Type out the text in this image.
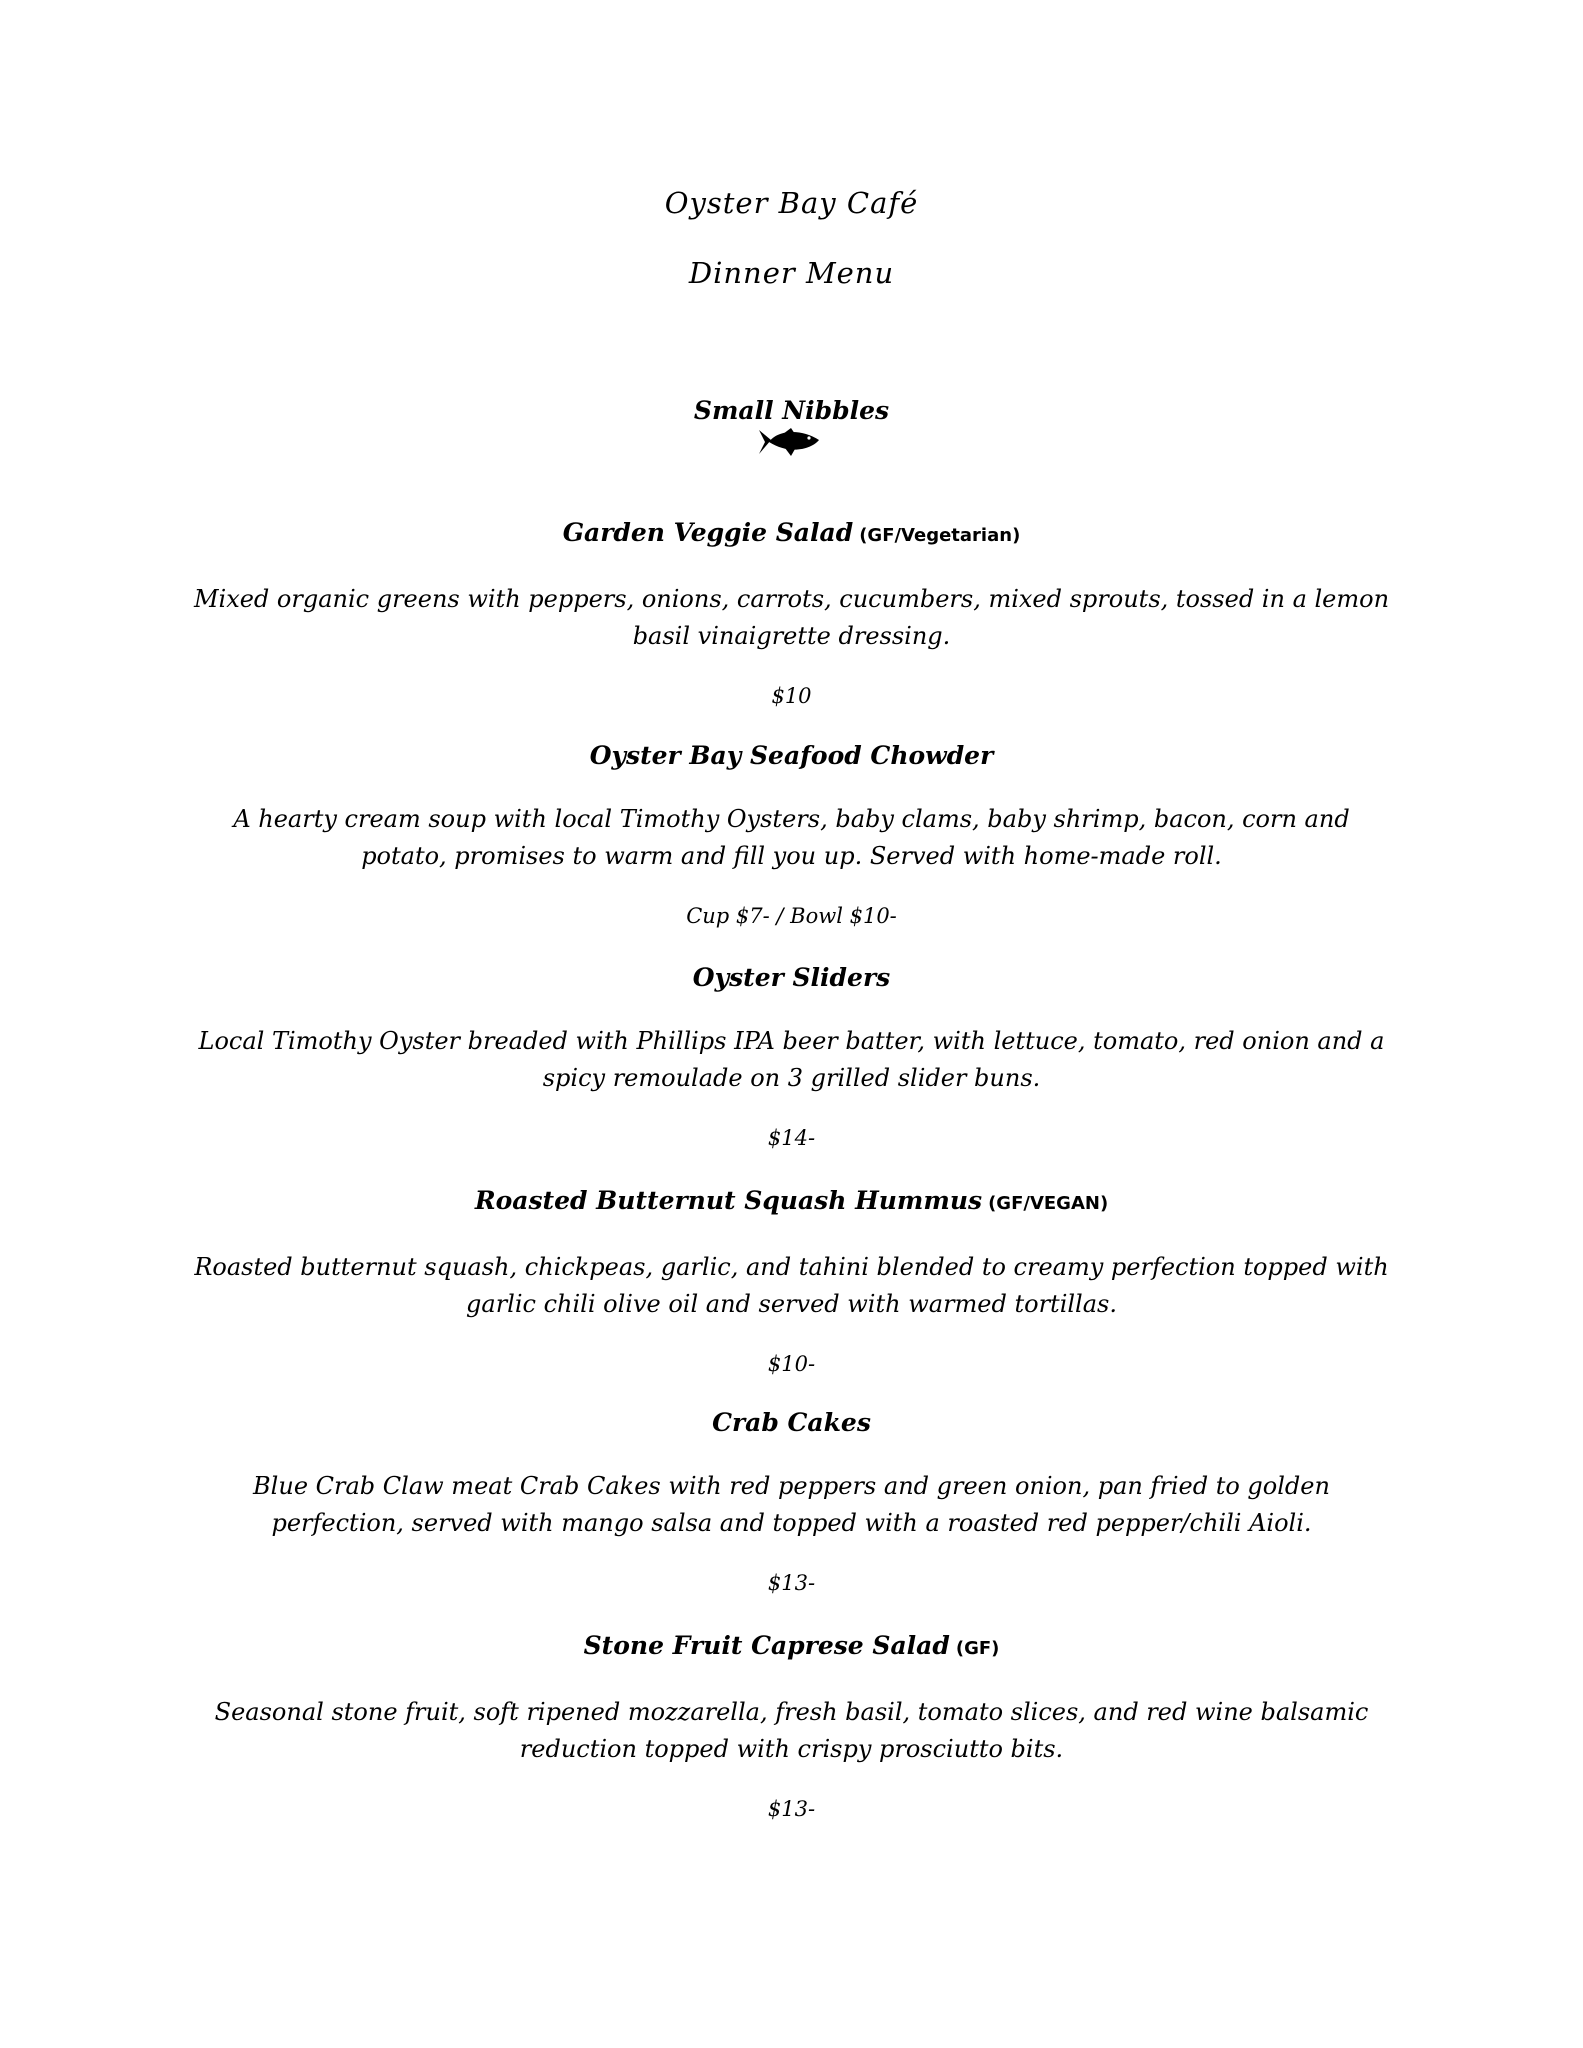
Oyster Bay Café
Dinner Menu
Small Nibbles
Garden Veggie Salad (GF/Vegetarian)
Mixed organic greens with peppers, onions, carrots, cucumbers, mixed sprouts, tossed in a lemon basil vinaigrette dressing.
$10
Oyster Bay Seafood Chowder
A hearty cream soup with local Timothy Oysters, baby clams, baby shrimp, bacon, corn and potato, promises to warm and fill you up. Served with home-made roll.
Cup $7- / Bowl $10-
Oyster Sliders
Local Timothy Oyster breaded with Phillips IPA beer batter, with lettuce, tomato, red onion and a spicy remoulade on 3 grilled slider buns.
$14-
Roasted Butternut Squash Hummus (GF/VEGAN)
Roasted butternut squash, chickpeas, garlic, and tahini blended to creamy perfection topped with garlic chili olive oil and served with warmed tortillas.
$10-
Crab Cakes
Blue Crab Claw meat Crab Cakes with red peppers and green onion, pan fried to golden perfection, served with mango salsa and topped with a roasted red pepper/chili Aioli.
$13-
Stone Fruit Caprese Salad (GF)
Seasonal stone fruit, soft ripened mozzarella, fresh basil, tomato slices, and red wine balsamic reduction topped with crispy prosciutto bits.
$13-
